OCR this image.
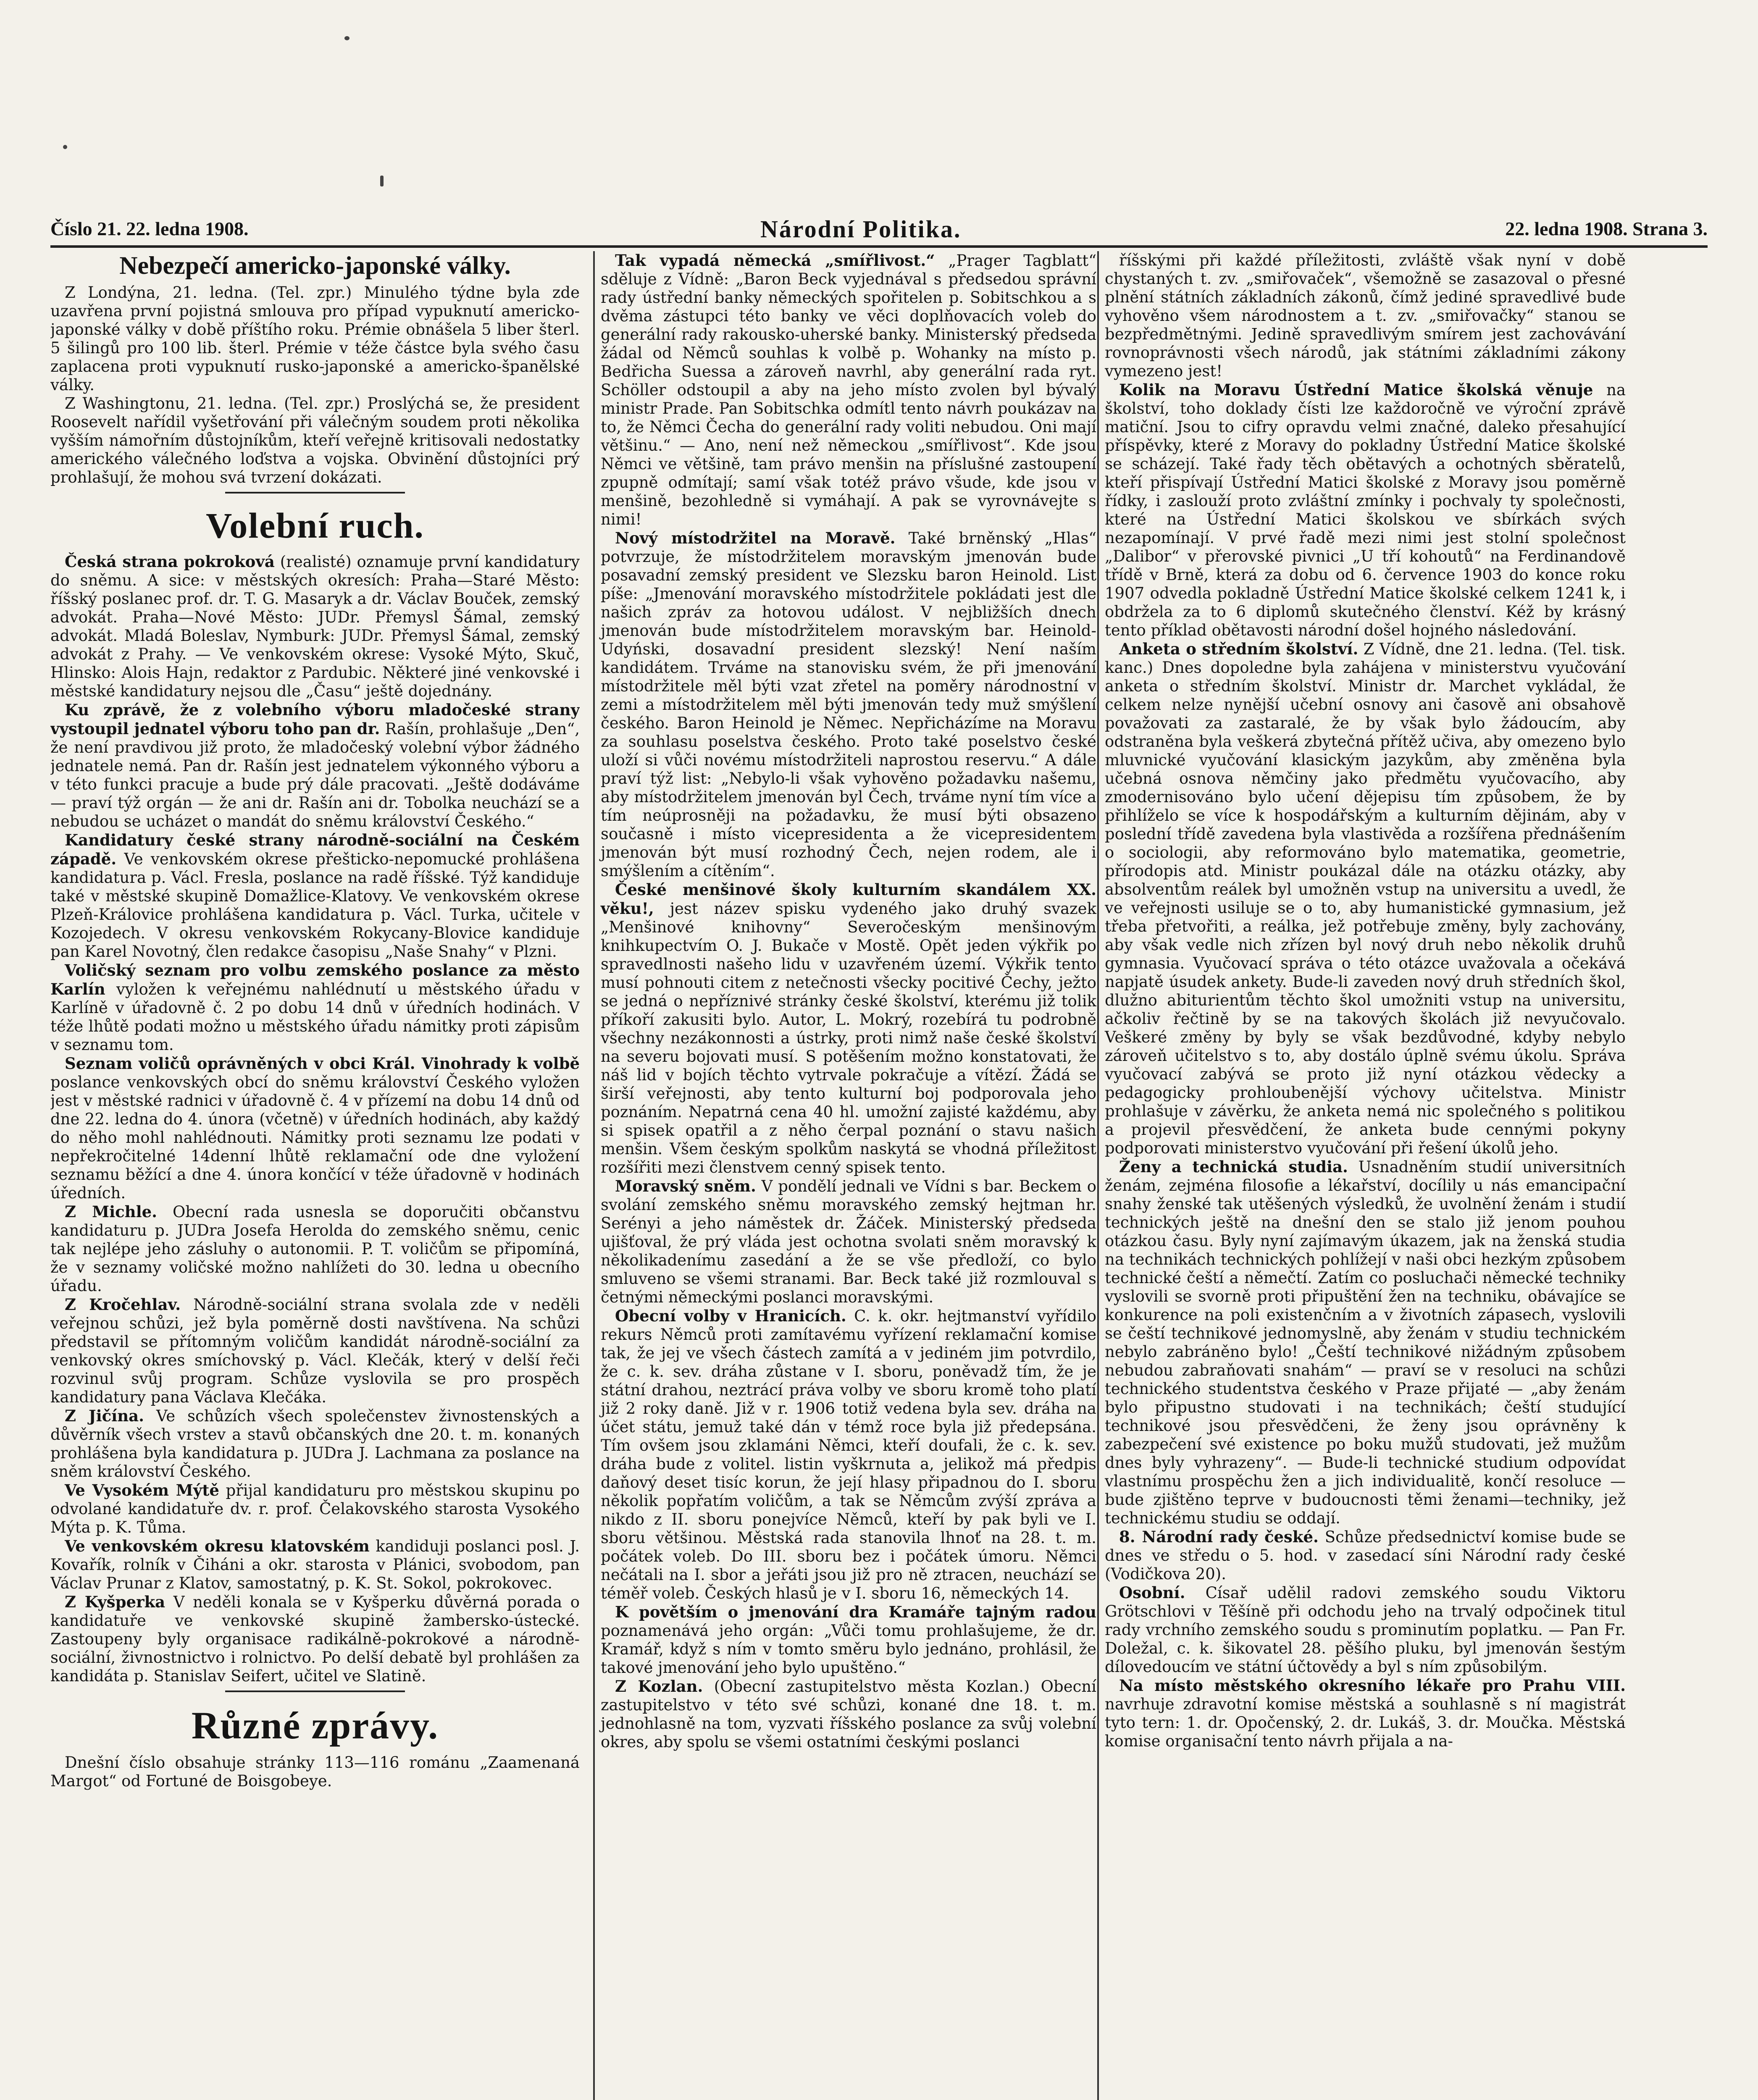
Číslo 21. 22. ledna 1908.	Národní Politika.	22. ledna 1908. Strana 3.
Nebezpečí americko-japonské války.

Z Londýna, 21. ledna. (Tel. zpr.) Minulého týdne byla zde uzavřena první pojistná smlouva pro případ vypuknutí americko-japonské války v době příštího roku. Prémie obnášela 5 liber šterl. 5 šilingů pro 100 lib. šterl. Prémie v téže částce byla svého času zaplacena proti vypuknutí rusko-japonské a americko-španělské války.

Z Washingtonu, 21. ledna. (Tel. zpr.) Proslýchá se, že president Roosevelt nařídil vyšetřování při válečným soudem proti několika vyšším námořním důstojníkům, kteří veřejně kritisovali nedostatky amerického válečného loďstva a vojska. Obvinění důstojníci prý prohlašují, že mohou svá tvrzení dokázati.

Volební ruch.

Česká strana pokroková (realisté) oznamuje první kandidatury do sněmu. A sice: v městských okresích: Praha—Staré Město: říšský poslanec prof. dr. T. G. Masaryk a dr. Václav Bouček, zemský advokát. Praha—Nové Město: JUDr. Přemysl Šámal, zemský advokát. Mladá Boleslav, Nymburk: JUDr. Přemysl Šámal, zemský advokát z Prahy. — Ve venkovském okrese: Vysoké Mýto, Skuč, Hlinsko: Alois Hajn, redaktor z Pardubic. Některé jiné venkovské i městské kandidatury nejsou dle „Času“ ještě dojednány.

Ku zprávě, že z volebního výboru mladočeské strany vystoupil jednatel výboru toho pan dr. Rašín, prohlašuje „Den“, že není pravdivou již proto, že mladočeský volební výbor žádného jednatele nemá. Pan dr. Rašín jest jednatelem výkonného výboru a v této funkci pracuje a bude prý dále pracovati. „Ještě dodáváme — praví týž orgán — že ani dr. Rašín ani dr. Tobolka neuchází se a nebudou se ucházet o mandát do sněmu království Českého.“

Kandidatury české strany národně-sociální na Českém západě. Ve venkovském okrese přešticko-nepomucké prohlášena kandidatura p. Václ. Fresla, poslance na radě říšské. Týž kandiduje také v městské skupině Domažlice-Klatovy. Ve venkovském okrese Plzeň-Královice prohlášena kandidatura p. Václ. Turka, učitele v Kozojedech. V okresu venkovském Rokycany-Blovice kandiduje pan Karel Novotný, člen redakce časopisu „Naše Snahy“ v Plzni.

Voličský seznam pro volbu zemského poslance za město Karlín vyložen k veřejnému nahlédnutí u městského úřadu v Karlíně v úřadovně č. 2 po dobu 14 dnů v úředních hodinách. V téže lhůtě podati možno u městského úřadu námitky proti zápisům v seznamu tom.

Seznam voličů oprávněných v obci Král. Vinohrady k volbě poslance venkovských obcí do sněmu království Českého vyložen jest v městské radnici v úřadovně č. 4 v přízemí na dobu 14 dnů od dne 22. ledna do 4. února (včetně) v úředních hodinách, aby každý do něho mohl nahlédnouti. Námitky proti seznamu lze podati v nepřekročitelné 14denní lhůtě reklamační ode dne vyložení seznamu běžící a dne 4. února končící v téže úřadovně v hodinách úředních.

Z Michle. Obecní rada usnesla se doporučiti občanstvu kandidaturu p. JUDra Josefa Herolda do zemského sněmu, cenic tak nejlépe jeho zásluhy o autonomii. P. T. voličům se připomíná, že v seznamy voličské možno nahlížeti do 30. ledna u obecního úřadu.

Z Kročehlav. Národně-sociální strana svolala zde v neděli veřejnou schůzi, jež byla poměrně dosti navštívena. Na schůzi představil se přítomným voličům kandidát národně-sociální za venkovský okres smíchovský p. Václ. Klečák, který v delší řeči rozvinul svůj program. Schůze vyslovila se pro prospěch kandidatury pana Václava Klečáka.

Z Jičína. Ve schůzích všech společenstev živnostenských a důvěrník všech vrstev a stavů občanských dne 20. t. m. konaných prohlášena byla kandidatura p. JUDra J. Lachmana za poslance na sněm království Českého.

Ve Vysokém Mýtě přijal kandidaturu pro městskou skupinu po odvolané kandidatuře dv. r. prof. Čelakovského starosta Vysokého Mýta p. K. Tůma.

Ve venkovském okresu klatovském kandiduji poslanci posl. J. Kovařík, rolník v Čiháni a okr. starosta v Plánici, svobodom, pan Václav Prunar z Klatov, samostatný, p. K. St. Sokol, pokrokovec.

Z Kyšperka V neděli konala se v Kyšperku důvěrná porada o kandidatuře ve venkovské skupině žambersko-ústecké. Zastoupeny byly organisace radikálně-pokrokové a národně-sociální, živnostnictvo i rolnictvo. Po delší debatě byl prohlášen za kandidáta p. Stanislav Seifert, učitel ve Slatině.

Různé zprávy.

Dnešní číslo obsahuje stránky 113—116 románu „Zaamenaná Margot“ od Fortuné de Boisgobeye.

Tak vypadá německá „smířlivost.“ „Prager Tagblatt“ sděluje z Vídně: „Baron Beck vyjednával s předsedou správní rady ústřední banky německých spořitelen p. Sobitschkou a s dvěma zástupci této banky ve věci doplňovacích voleb do generální rady rakousko-uherské banky. Ministerský předseda žádal od Němců souhlas k volbě p. Wohanky na místo p. Bedřicha Suessa a zároveň navrhl, aby generální rada ryt. Schöller odstoupil a aby na jeho místo zvolen byl bývalý ministr Prade. Pan Sobitschka odmítl tento návrh poukázav na to, že Němci Čecha do generální rady voliti nebudou. Oni mají většinu.“ — Ano, není než německou „smířlivost“. Kde jsou Němci ve většině, tam právo menšin na příslušné zastoupení zpupně odmítají; samí však totéž právo všude, kde jsou v menšině, bezohledně si vymáhají. A pak se vyrovnávejte s nimi!

Nový místodržitel na Moravě. Také brněnský „Hlas“ potvrzuje, že místodržitelem moravským jmenován bude posavadní zemský president ve Slezsku baron Heinold. List píše: „Jmenování moravského místodržitele pokládati jest dle našich zpráv za hotovou událost. V nejbližších dnech jmenován bude místodržitelem moravským bar. Heinold-Udyński, dosavadní president slezský! Není naším kandidátem. Trváme na stanovisku svém, že při jmenování místodržitele měl býti vzat zřetel na poměry národnostní v zemi a místodržitelem měl býti jmenován tedy muž smýšlení českého. Baron Heinold je Němec. Nepřicházíme na Moravu za souhlasu poselstva českého. Proto také poselstvo české uloží si vůči novému místodržiteli naprostou reservu.“ A dále praví týž list: „Nebylo-li však vyhověno požadavku našemu, aby místodržitelem jmenován byl Čech, trváme nyní tím více a tím neúprosněji na požadavku, že musí býti obsazeno současně i místo vicepresidenta a že vicepresidentem jmenován být musí rozhodný Čech, nejen rodem, ale i smýšlením a cítěním“.

České menšinové školy kulturním skandálem XX. věku!, jest název spisku vydeného jako druhý svazek „Menšinové knihovny“ Severočeským menšinovým knihkupectvím O. J. Bukače v Mostě. Opět jeden výkřik po spravedlnosti našeho lidu v uzavřeném území. Výkřik tento musí pohnouti citem z netečnosti všecky pocitivé Čechy, ježto se jedná o nepříznivé stránky české školství, kterému již tolik příkoří zakusiti bylo. Autor, L. Mokrý, rozebírá tu podrobně všechny nezákonnosti a ústrky, proti nimž naše české školství na severu bojovati musí. S potěšením možno konstatovati, že náš lid v bojích těchto vytrvale pokračuje a vítězí. Žádá se širší veřejnosti, aby tento kulturní boj podporovala jeho poznáním. Nepatrná cena 40 hl. umožní zajisté každému, aby si spisek opatřil a z něho čerpal poznání o stavu našich menšin. Všem českým spolkům naskytá se vhodná příležitost rozšířiti mezi členstvem cenný spisek tento.

Moravský sněm. V pondělí jednali ve Vídni s bar. Beckem o svolání zemského sněmu moravského zemský hejtman hr. Serényi a jeho náměstek dr. Žáček. Ministerský předseda ujišťoval, že prý vláda jest ochotna svolati sněm moravský k několikadenímu zasedání a že se vše předloží, co bylo smluveno se všemi stranami. Bar. Beck také již rozmlouval s četnými německými poslanci moravskými.

Obecní volby v Hranicích. C. k. okr. hejtmanství vyřídilo rekurs Němců proti zamítavému vyřízení reklamační komise tak, že jej ve všech částech zamítá a v jediném jim potvrdilo, že c. k. sev. dráha zůstane v I. sboru, poněvadž tím, že je státní drahou, neztrácí práva volby ve sboru kromě toho platí již 2 roky daně. Již v r. 1906 totiž vedena byla sev. dráha na účet státu, jemuž také dán v témž roce byla již předepsána. Tím ovšem jsou zklamáni Němci, kteří doufali, že c. k. sev. dráha bude z volitel. listin vyškrnuta a, jelikož má předpis daňový deset tisíc korun, že její hlasy připadnou do I. sboru několik popřatím voličům, a tak se Němcům zvýší zpráva a nikdo z II. sboru ponejvíce Němců, kteří by pak byli ve I. sboru většinou. Městská rada stanovila lhnoť na 28. t. m. počátek voleb. Do III. sboru bez i počátek úmoru. Němci nečátali na I. sbor a jeřáti jsou již pro ně ztracen, neuchází se téměř voleb. Českých hlasů je v I. sboru 16, německých 14.

K povětším o jmenování dra Kramáře tajným radou poznamenává jeho orgán: „Vůči tomu prohlašujeme, že dr. Kramář, když s ním v tomto směru bylo jednáno, prohlásil, že takové jmenování jeho bylo upuštěno.“

Z Kozlan. (Obecní zastupitelstvo města Kozlan.) Obecní zastupitelstvo v této své schůzi, konané dne 18. t. m. jednohlasně na tom, vyzvati říšského poslance za svůj volební okres, aby spolu se všemi ostatními českými poslanci

říšskými při každé příležitosti, zvláště však nyní v době chystaných t. zv. „smiřovaček“, všemožně se zasazoval o přesné plnění státních základních zákonů, čímž jediné spravedlivé bude vyhověno všem národnostem a t. zv. „smiřovačky“ stanou se bezpředmětnými. Jedině spravedlivým smírem jest zachovávání rovnoprávnosti všech národů, jak státními základními zákony vymezeno jest!

Kolik na Moravu Ústřední Matice školská věnuje na školství, toho doklady čísti lze každoročně ve výroční zprávě matiční. Jsou to cifry opravdu velmi značné, daleko přesahující příspěvky, které z Moravy do pokladny Ústřední Matice školské se scházejí. Také řady těch obětavých a ochotných sběratelů, kteří přispívají Ústřední Matici školské z Moravy jsou poměrně řídky, i zaslouží proto zvláštní zmínky i pochvaly ty společnosti, které na Ústřední Matici školskou ve sbírkách svých nezapomínají. V prvé řadě mezi nimi jest stolní společnost „Dalibor“ v přerovské pivnici „U tří kohoutů“ na Ferdinandově třídě v Brně, která za dobu od 6. července 1903 do konce roku 1907 odvedla pokladně Ústřední Matice školské celkem 1241 k, i obdržela za to 6 diplomů skutečného členství. Kéž by krásný tento příklad obětavosti národní došel hojného následování.

Anketa o středním školství. Z Vídně, dne 21. ledna. (Tel. tisk. kanc.) Dnes dopoledne byla zahájena v ministerstvu vyučování anketa o středním školství. Ministr dr. Marchet vykládal, že celkem nelze nynější učební osnovy ani časově ani obsahově považovati za zastaralé, že by však bylo žádoucím, aby odstraněna byla veškerá zbytečná přítěž učiva, aby omezeno bylo mluvnické vyučování klasickým jazykům, aby změněna byla učebná osnova němčiny jako předmětu vyučovacího, aby zmodernisováno bylo učení dějepisu tím způsobem, že by přihlíželo se více k hospodářským a kulturním dějinám, aby v poslední třídě zavedena byla vlastivěda a rozšířena přednášením o sociologii, aby reformováno bylo matematika, geometrie, přírodopis atd. Ministr poukázal dále na otázku otázky, aby absolventům reálek byl umožněn vstup na universitu a uvedl, že ve veřejnosti usiluje se o to, aby humanistické gymnasium, jež třeba přetvořiti, a reálka, jež potřebuje změny, byly zachovány, aby však vedle nich zřízen byl nový druh nebo několik druhů gymnasia. Vyučovací správa o této otázce uvažovala a očekává napjatě úsudek ankety. Bude-li zaveden nový druh středních škol, dlužno abiturientům těchto škol umožniti vstup na universitu, ačkoliv řečtině by se na takových školách již nevyučovalo. Veškeré změny by byly se však bezdůvodné, kdyby nebylo zároveň učitelstvo s to, aby dostálo úplně svému úkolu. Správa vyučovací zabývá se proto již nyní otázkou vědecky a pedagogicky prohloubenější výchovy učitelstva. Ministr prohlašuje v závěrku, že anketa nemá nic společného s politikou a projevil přesvědčení, že anketa bude cennými pokyny podporovati ministerstvo vyučování při řešení úkolů jeho.

Ženy a technická studia. Usnadněním studií universitních ženám, zejména filosofie a lékařství, docílily u nás emancipační snahy ženské tak utěšených výsledků, že uvolnění ženám i studií technických ještě na dnešní den se stalo již jenom pouhou otázkou času. Byly nyní zajímavým úkazem, jak na ženská studia na technikách technických pohlížejí v naši obci hezkým způsobem technické čeští a němečtí. Zatím co posluchači německé techniky vyslovili se svorně proti připuštění žen na techniku, obávajíce se konkurence na poli existenčním a v životních zápasech, vyslovili se čeští technikové jednomyslně, aby ženám v studiu technickém nebylo zabráněno bylo! „Čeští technikové nižádným způsobem nebudou zabraňovati snahám“ — praví se v resoluci na schůzi technického studentstva českého v Praze přijaté — „aby ženám bylo připustno studovati i na technikách; čeští studující technikové jsou přesvědčeni, že ženy jsou oprávněny k zabezpečení své existence po boku mužů studovati, jež mužům dnes byly vyhrazeny“. — Bude-li technické studium odpovídat vlastnímu prospěchu žen a jich individualitě, končí resoluce — bude zjištěno teprve v budoucnosti těmi ženami—techniky, jež technickému studiu se oddají.

8. Národní rady české. Schůze předsednictví komise bude se dnes ve středu o 5. hod. v zasedací síni Národní rady české (Vodičkova 20).

Osobní. Císař udělil radovi zemského soudu Viktoru Grötschlovi v Těšíně při odchodu jeho na trvalý odpočinek titul rady vrchního zemského soudu s prominutím poplatku. — Pan Fr. Doležal, c. k. šikovatel 28. pěšího pluku, byl jmenován šestým dílovedoucím ve státní účtovědy a byl s ním způsobilým.

Na místo městského okresního lékaře pro Prahu VIII. navrhuje zdravotní komise městská a souhlasně s ní magistrát tyto tern: 1. dr. Opočenský, 2. dr. Lukáš, 3. dr. Moučka. Městská komise organisační tento návrh přijala a na-
